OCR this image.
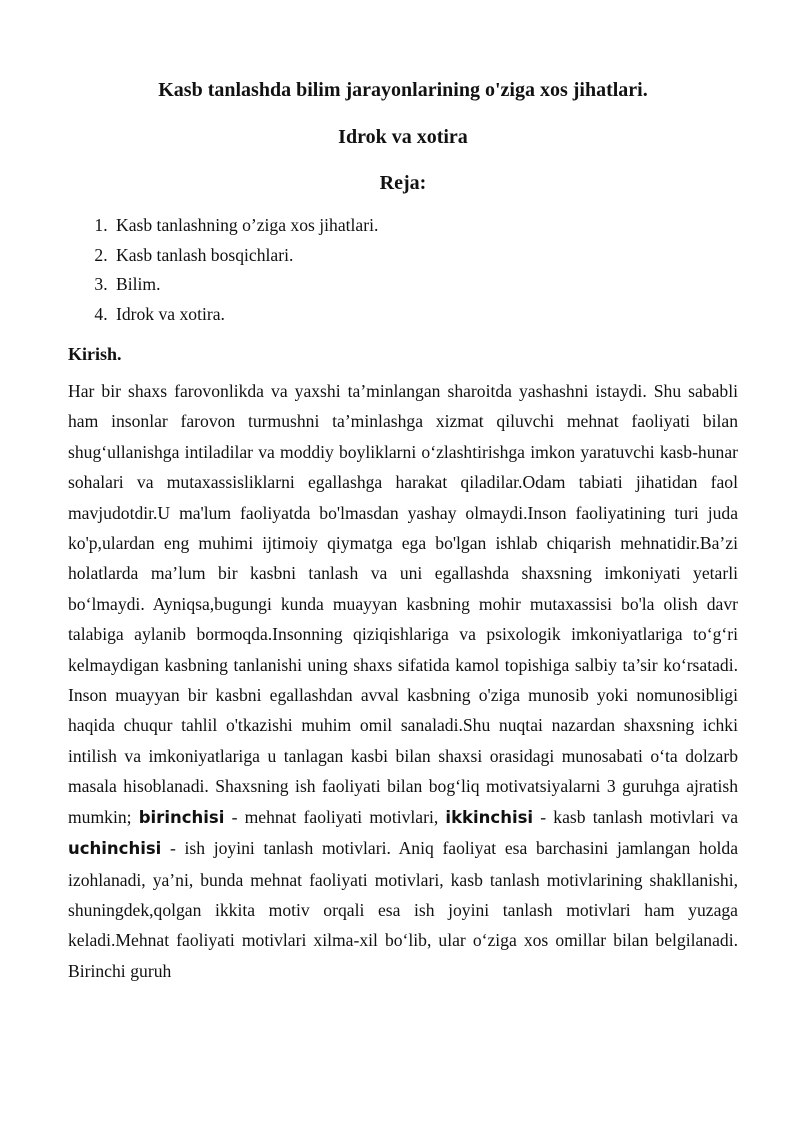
Kasb tanlashda bilim jarayonlarining o'ziga xos jihatlari.

Idrok va xotira

Reja:

1. Kasb tanlashning o’ziga xos jihatlari.
2. Kasb tanlash bosqichlari.
3. Bilim.
4. Idrok va xotira.

Kirish.

Har bir shaxs farovonlikda va yaxshi ta’minlangan sharoitda yashashni istaydi. Shu sababli ham insonlar farovon turmushni ta’minlashga xizmat qiluvchi mehnat faoliyati bilan shug‘ullanishga intiladilar va moddiy boyliklarni o‘zlashtirishga imkon yaratuvchi kasb-hunar sohalari va mutaxassisliklarni egallashga harakat qiladilar.Odam tabiati jihatidan faol mavjudotdir.U ma'lum faoliyatda bo'lmasdan yashay olmaydi.Inson faoliyatining turi juda ko'p,ulardan eng muhimi ijtimoiy qiymatga ega bo'lgan ishlab chiqarish mehnatidir.Ba’zi holatlarda ma’lum bir kasbni tanlash va uni egallashda shaxsning imkoniyati yetarli bo‘lmaydi. Ayniqsa,bugungi kunda muayyan kasbning mohir mutaxassisi bo'la olish davr talabiga aylanib bormoqda.Insonning qiziqishlariga va psixologik imkoniyatlariga to‘g‘ri kelmaydigan kasbning tanlanishi uning shaxs sifatida kamol topishiga salbiy ta’sir ko‘rsatadi. Inson muayyan bir kasbni egallashdan avval kasbning o'ziga munosib yoki nomunosibligi haqida chuqur tahlil o'tkazishi muhim omil sanaladi.Shu nuqtai nazardan shaxsning ichki intilish va imkoniyatlariga u tanlagan kasbi bilan shaxsi orasidagi munosabati o‘ta dolzarb masala hisoblanadi. Shaxsning ish faoliyati bilan bog‘liq motivatsiyalarni 3 guruhga ajratish mumkin; birinchisi - mehnat faoliyati motivlari, ikkinchisi - kasb tanlash motivlari va uchinchisi - ish joyini tanlash motivlari. Aniq faoliyat esa barchasini jamlangan holda izohlanadi, ya’ni, bunda mehnat faoliyati motivlari, kasb tanlash motivlarining shakllanishi, shuningdek,qolgan ikkita motiv orqali esa ish joyini tanlash motivlari ham yuzaga keladi.Mehnat faoliyati motivlari xilma-xil bo‘lib, ular o‘ziga xos omillar bilan belgilanadi. Birinchi guruh
